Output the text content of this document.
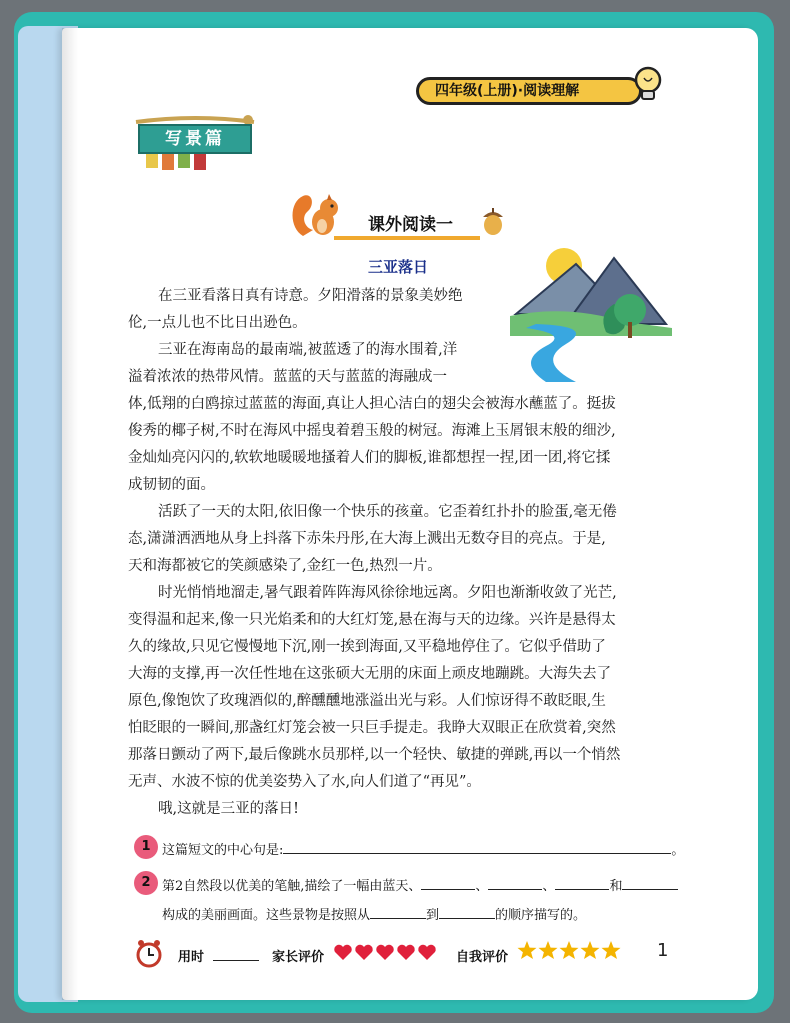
四年级(上册)·阅读理解
写景篇
课外阅读一
三亚落日

在三亚看落日真有诗意。夕阳滑落的景象美妙绝
伦,一点儿也不比日出逊色。

三亚在海南岛的最南端,被蓝透了的海水围着,洋
溢着浓浓的热带风情。蓝蓝的天与蓝蓝的海融成一
体,低翔的白鸥掠过蓝蓝的海面,真让人担心洁白的翅尖会被海水蘸蓝了。挺拔
俊秀的椰子树,不时在海风中摇曳着碧玉般的树冠。海滩上玉屑银末般的细沙,
金灿灿亮闪闪的,软软地暖暖地搔着人们的脚板,谁都想捏一捏,团一团,将它揉
成韧韧的面。

活跃了一天的太阳,依旧像一个快乐的孩童。它歪着红扑扑的脸蛋,毫无倦
态,潇潇洒洒地从身上抖落下赤朱丹彤,在大海上溅出无数夺目的亮点。于是,
天和海都被它的笑颜感染了,金红一色,热烈一片。

时光悄悄地溜走,暑气跟着阵阵海风徐徐地远离。夕阳也渐渐收敛了光芒,
变得温和起来,像一只光焰柔和的大红灯笼,悬在海与天的边缘。兴许是悬得太
久的缘故,只见它慢慢地下沉,刚一挨到海面,又平稳地停住了。它似乎借助了
大海的支撑,再一次任性地在这张硕大无朋的床面上顽皮地蹦跳。大海失去了
原色,像饱饮了玫瑰酒似的,醉醺醺地涨溢出光与彩。人们惊讶得不敢眨眼,生
怕眨眼的一瞬间,那盏红灯笼会被一只巨手提走。我睁大双眼正在欣赏着,突然
那落日颤动了两下,最后像跳水员那样,以一个轻快、敏捷的弹跳,再以一个悄然
无声、水波不惊的优美姿势入了水,向人们道了“再见”。

哦,这就是三亚的落日!

1 这篇短文的中心句是:	。
2 第2自然段以优美的笔触,描绘了一幅由蓝天、	、	、	和
构成的美丽画面。这些景物是按照从	到	的顺序描写的。
用时	家长评价	自我评价	1
